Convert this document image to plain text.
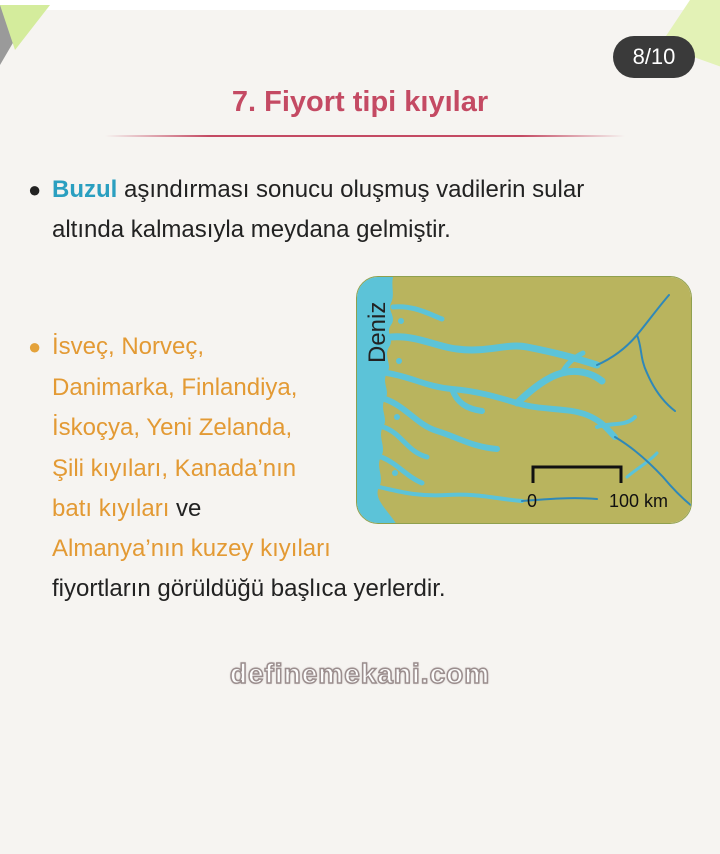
8/10
7. Fiyort tipi kıyılar
● Buzul aşındırması sonucu oluşmuş vadilerin sular
altında kalmasıyla meydana gelmiştir.
● İsveç, Norveç,
Danimarka, Finlandiya,
İskoçya, Yeni Zelanda,
Şili kıyıları, Kanada’nın
batı kıyıları ve
Almanya’nın kuzey kıyıları
fiyortların görüldüğü başlıca yerlerdir.
Deniz
0	100 km
definemekani.com
